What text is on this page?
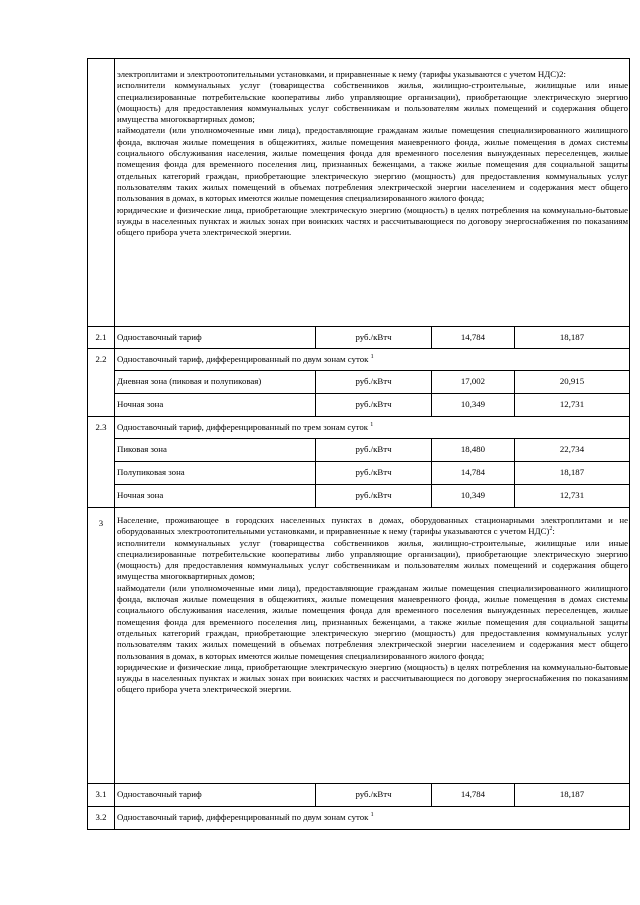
	электроплитами и электроотопительными установками, и приравненные к нему (тарифы указываются с учетом НДС)2:

исполнители коммунальных услуг (товарищества собственников жилья, жилищно-строительные, жилищные или иные специализированные потребительские кооперативы либо управляющие организации), приобретающие электрическую энергию (мощность) для предоставления коммунальных услуг собственникам и пользователям жилых помещений и содержания общего имущества многоквартирных домов;

наймодатели (или уполномоченные ими лица), предоставляющие гражданам жилые помещения специализированного жилищного фонда, включая жилые помещения в общежитиях, жилые помещения маневренного фонда, жилые помещения в домах системы социального обслуживания населения, жилые помещения фонда для временного поселения вынужденных переселенцев, жилые помещения фонда для временного поселения лиц, признанных беженцами, а также жилые помещения для социальной защиты отдельных категорий граждан, приобретающие электрическую энергию (мощность) для предоставления коммунальных услуг пользователям таких жилых помещений в объемах потребления электрической энергии населением и содержания мест общего пользования в домах, в которых имеются жилые помещения специализированного жилого фонда;

юридические и физические лица, приобретающие электрическую энергию (мощность) в целях потребления на коммунально-бытовые нужды в населенных пунктах и жилых зонах при воинских частях и рассчитывающиеся по договору энергоснабжения по показаниям общего прибора учета электрической энергии.			

2.1	Одноставочный тариф	руб./кВтч	14,784	18,187
2.2	Одноставочный тариф, дифференцированный по двум зонам суток $^1$
	Дневная зона (пиковая и полупиковая)	руб./кВтч	17,002	20,915
	Ночная зона	руб./кВтч	10,349	12,731
2.3	Одноставочный тариф, дифференцированный по трем зонам суток $^1$
	Пиковая зона	руб./кВтч	18,480	22,734
	Полупиковая зона	руб./кВтч	14,784	18,187
	Ночная зона	руб./кВтч	10,349	12,731
3	Население, проживающее в городских населенных пунктах в домах, оборудованных стационарными электроплитами и не оборудованных электроотопительными установками, и приравненные к нему (тарифы указываются с учетом НДС)$^2$:

исполнители коммунальных услуг (товарищества собственников жилья, жилищно-строительные, жилищные или иные специализированные потребительские кооперативы либо управляющие организации), приобретающие электрическую энергию (мощность) для предоставления коммунальных услуг собственникам и пользователям жилых помещений и содержания общего имущества многоквартирных домов;

наймодатели (или уполномоченные ими лица), предоставляющие гражданам жилые помещения специализированного жилищного фонда, включая жилые помещения в общежитиях, жилые помещения маневренного фонда, жилые помещения в домах системы социального обслуживания населения, жилые помещения фонда для временного поселения вынужденных переселенцев, жилые помещения фонда для временного поселения лиц, признанных беженцами, а также жилые помещения для социальной защиты отдельных категорий граждан, приобретающие электрическую энергию (мощность) для предоставления коммунальных услуг пользователям таких жилых помещений в объемах потребления электрической энергии населением и содержания мест общего пользования в домах, в которых имеются жилые помещения специализированного жилого фонда;

юридические и физические лица, приобретающие электрическую энергию (мощность) в целях потребления на коммунально-бытовые нужды в населенных пунктах и жилых зонах при воинских частях и рассчитывающиеся по договору энергоснабжения по показаниям общего прибора учета электрической энергии.			

3.1	Одноставочный тариф	руб./кВтч	14,784	18,187
3.2	Одноставочный тариф, дифференцированный по двум зонам суток $^1$
